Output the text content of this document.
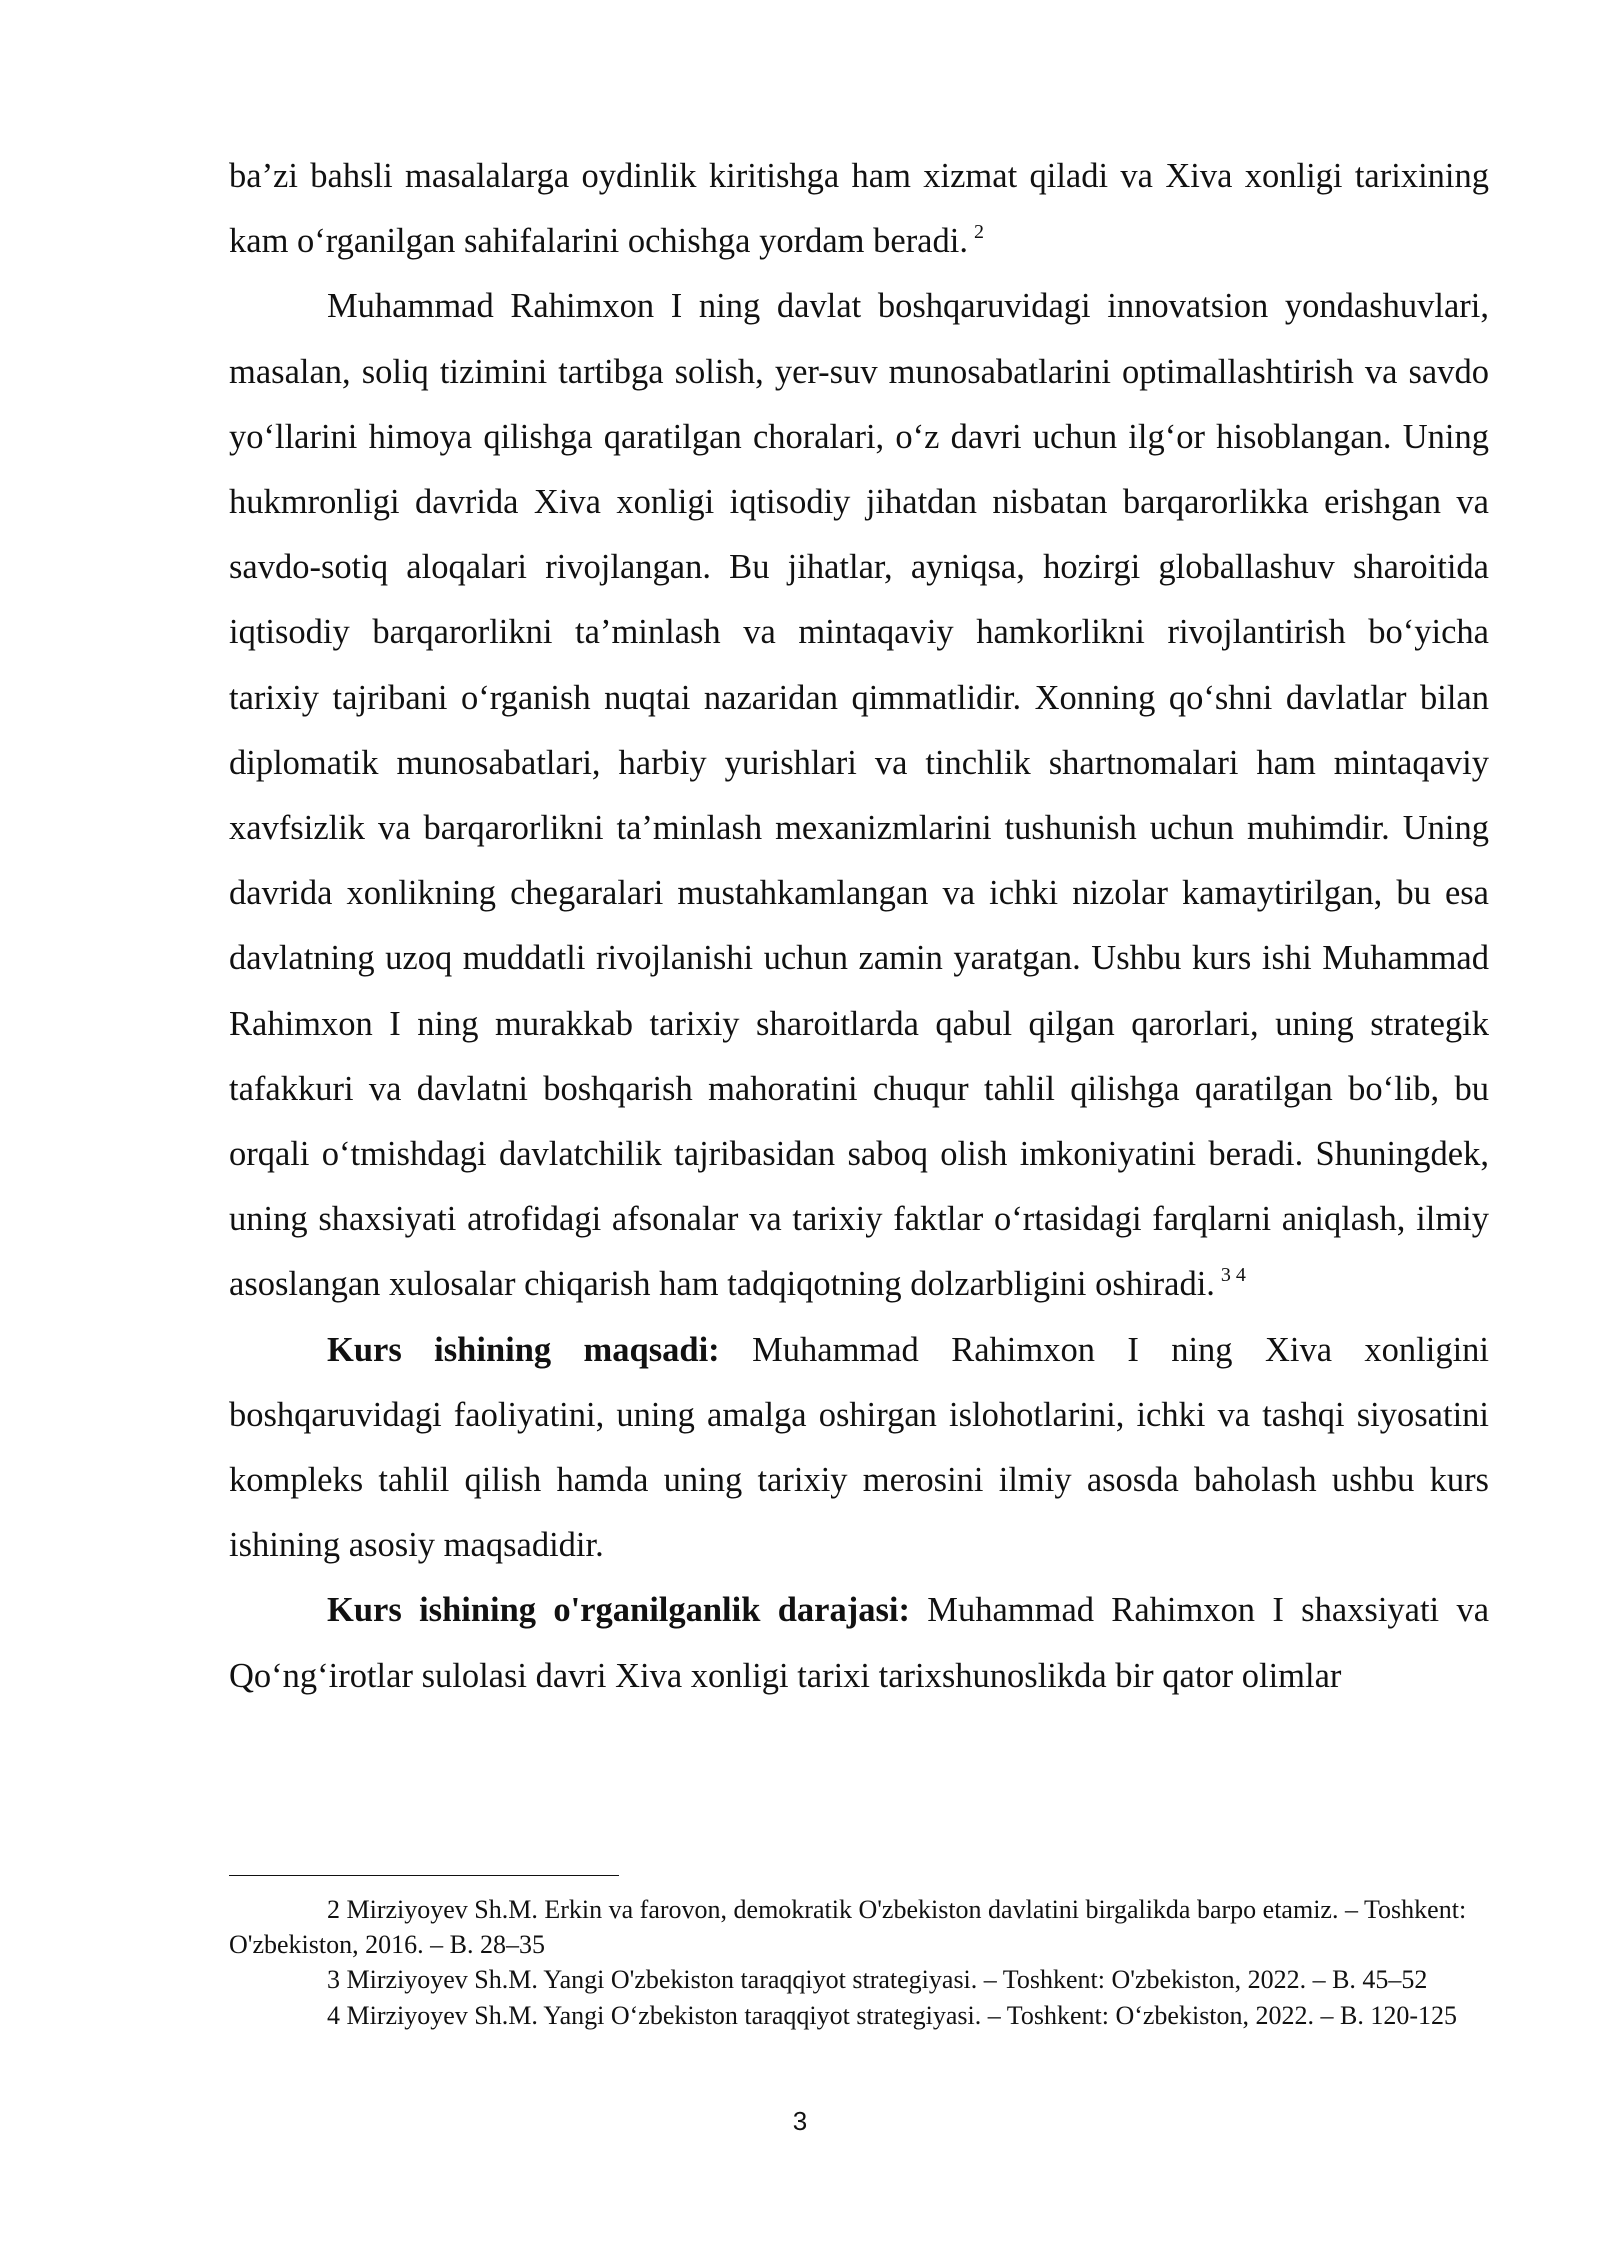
ba’zi bahsli masalalarga oydinlik kiritishga ham xizmat qiladi va Xiva xonligi tarixining kam o‘rganilgan sahifalarini ochishga yordam beradi. $^2$

Muhammad Rahimxon I ning davlat boshqaruvidagi innovatsion yondashuvlari, masalan, soliq tizimini tartibga solish, yer-suv munosabatlarini optimallashtirish va savdo yo‘llarini himoya qilishga qaratilgan choralari, o‘z davri uchun ilg‘or hisoblangan. Uning hukmronligi davrida Xiva xonligi iqtisodiy jihatdan nisbatan barqarorlikka erishgan va savdo-sotiq aloqalari rivojlangan. Bu jihatlar, ayniqsa, hozirgi globallashuv sharoitida iqtisodiy barqarorlikni ta’minlash va mintaqaviy hamkorlikni rivojlantirish bo‘yicha tarixiy tajribani o‘rganish nuqtai nazaridan qimmatlidir. Xonning qo‘shni davlatlar bilan diplomatik munosabatlari, harbiy yurishlari va tinchlik shartnomalari ham mintaqaviy xavfsizlik va barqarorlikni ta’minlash mexanizmlarini tushunish uchun muhimdir. Uning davrida xonlikning chegaralari mustahkamlangan va ichki nizolar kamaytirilgan, bu esa davlatning uzoq muddatli rivojlanishi uchun zamin yaratgan. Ushbu kurs ishi Muhammad Rahimxon I ning murakkab tarixiy sharoitlarda qabul qilgan qarorlari, uning strategik tafakkuri va davlatni boshqarish mahoratini chuqur tahlil qilishga qaratilgan bo‘lib, bu orqali o‘tmishdagi davlatchilik tajribasidan saboq olish imkoniyatini beradi. Shuningdek, uning shaxsiyati atrofidagi afsonalar va tarixiy faktlar o‘rtasidagi farqlarni aniqlash, ilmiy asoslangan xulosalar chiqarish ham tadqiqotning dolzarbligini oshiradi. $^{3 4}$

Kurs ishining maqsadi: Muhammad Rahimxon I ning Xiva xonligini boshqaruvidagi faoliyatini, uning amalga oshirgan islohotlarini, ichki va tashqi siyosatini kompleks tahlil qilish hamda uning tarixiy merosini ilmiy asosda baholash ushbu kurs ishining asosiy maqsadidir.

Kurs ishining o'rganilganlik darajasi: Muhammad Rahimxon I shaxsiyati va Qo‘ng‘irotlar sulolasi davri Xiva xonligi tarixi tarixshunoslikda bir qator olimlar

2 Mirziyoyev Sh.M. Erkin va farovon, demokratik O'zbekiston davlatini birgalikda barpo etamiz. – Toshkent: O'zbekiston, 2016. – B. 28–35

3 Mirziyoyev Sh.M. Yangi O'zbekiston taraqqiyot strategiyasi. – Toshkent: O'zbekiston, 2022. – B. 45–52

4 Mirziyoyev Sh.M. Yangi O‘zbekiston taraqqiyot strategiyasi. – Toshkent: O‘zbekiston, 2022. – B. 120-125

3
